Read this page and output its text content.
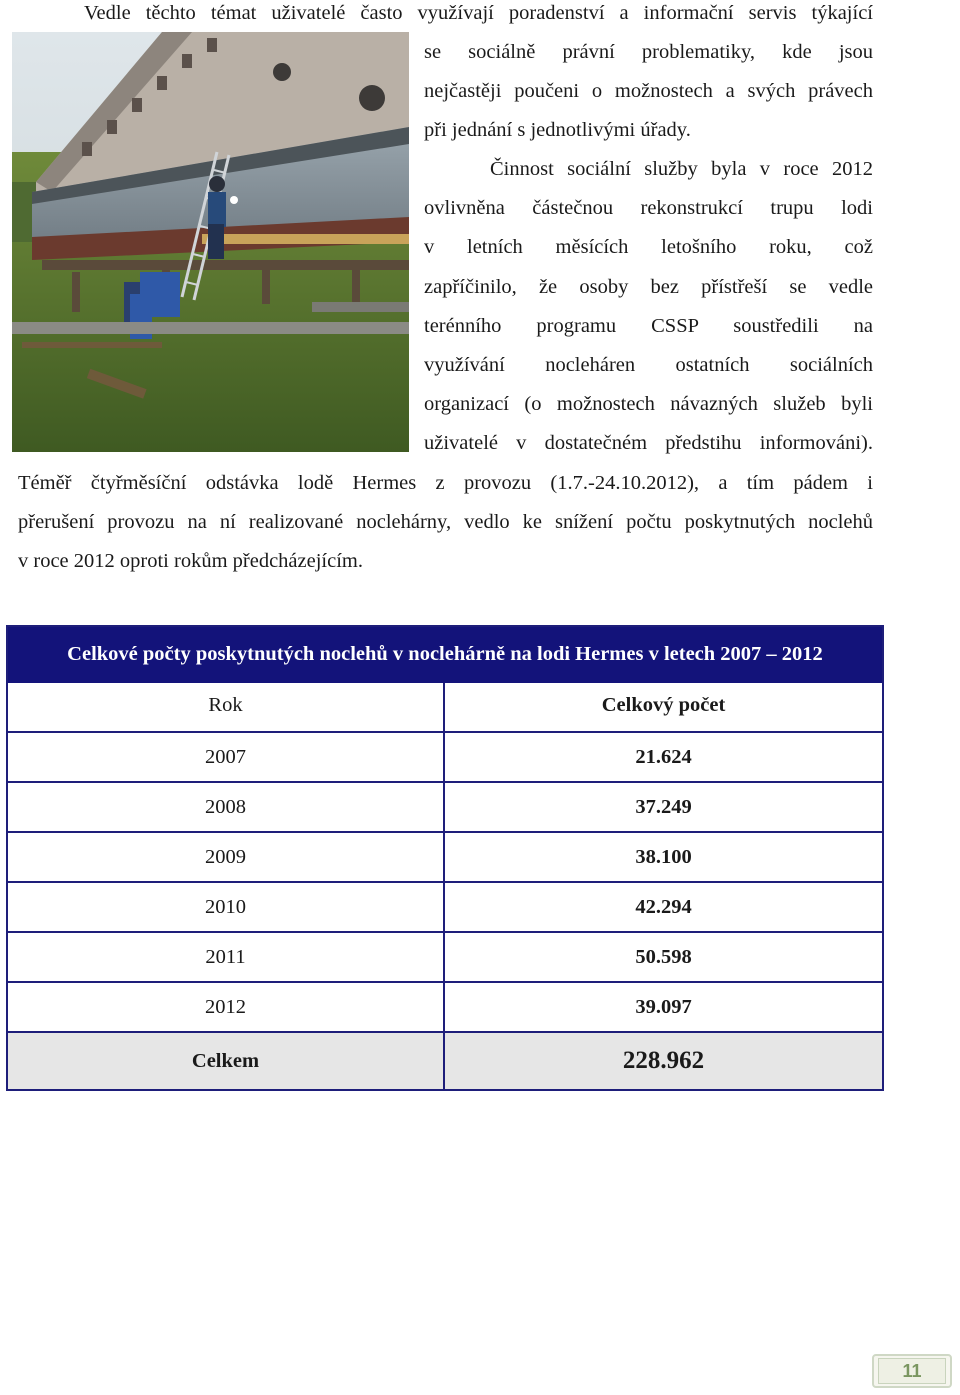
Vedle těchto témat uživatelé často využívají poradenství a informační servis týkající
se sociálně právní problematiky, kde jsou
nejčastěji poučeni o možnostech a svých právech
při jednání s jednotlivými úřady.
Činnost sociální služby byla v roce 2012
ovlivněna částečnou rekonstrukcí trupu lodi
v letních měsících letošního roku, což
zapříčinilo, že osoby bez přístřeší se vedle
terénního programu CSSP soustředili na
využívání nocleháren ostatních sociálních
organizací (o možnostech návazných služeb byli
uživatelé v dostatečném předstihu informováni).
Téměř čtyřměsíční odstávka lodě Hermes z provozu (1.7.-24.10.2012), a tím pádem i
přerušení provozu na ní realizované noclehárny, vedlo ke snížení počtu poskytnutých noclehů
v roce 2012 oproti rokům předcházejícím.
Celkové počty poskytnutých noclehů v noclehárně na lodi Hermes v letech 2007 – 2012
Rok	Celkový počet
2007	21.624
2008	37.249
2009	38.100
2010	42.294
2011	50.598
2012	39.097
Celkem	228.962
11
